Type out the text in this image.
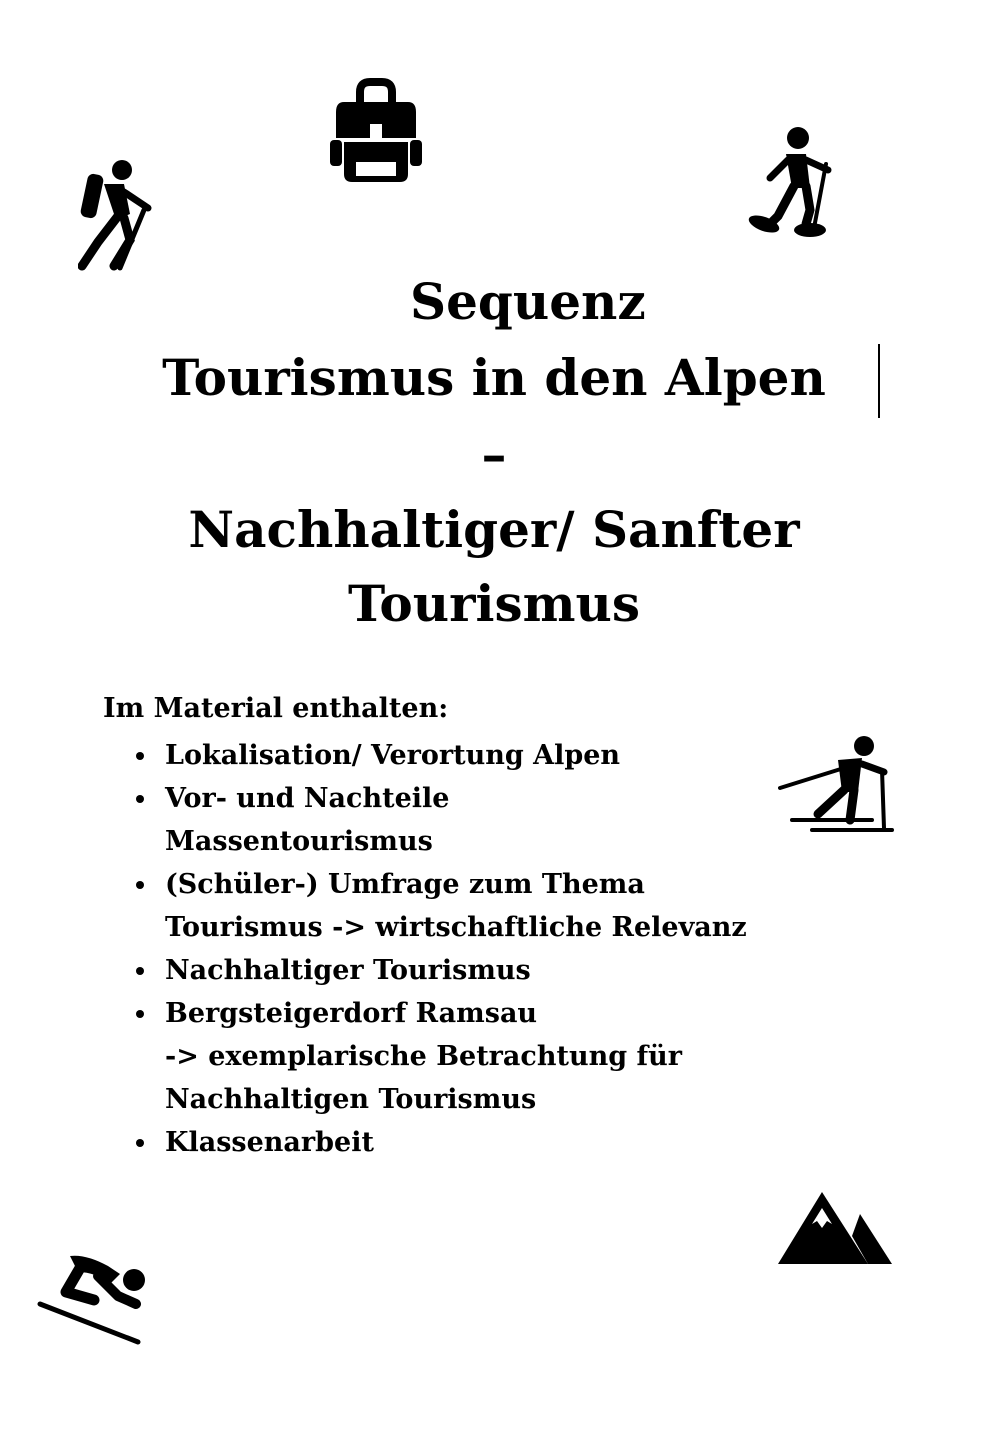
Sequenz
Tourismus in den Alpen
–
Nachhaltiger/ Sanfter
Tourismus
Im Material enthalten:
Lokalisation/ Verortung Alpen
Vor- und Nachteile
Massentourismus
(Schüler-) Umfrage zum Thema
Tourismus -> wirtschaftliche Relevanz
Nachhaltiger Tourismus
Bergsteigerdorf Ramsau
-> exemplarische Betrachtung für
Nachhaltigen Tourismus
Klassenarbeit
